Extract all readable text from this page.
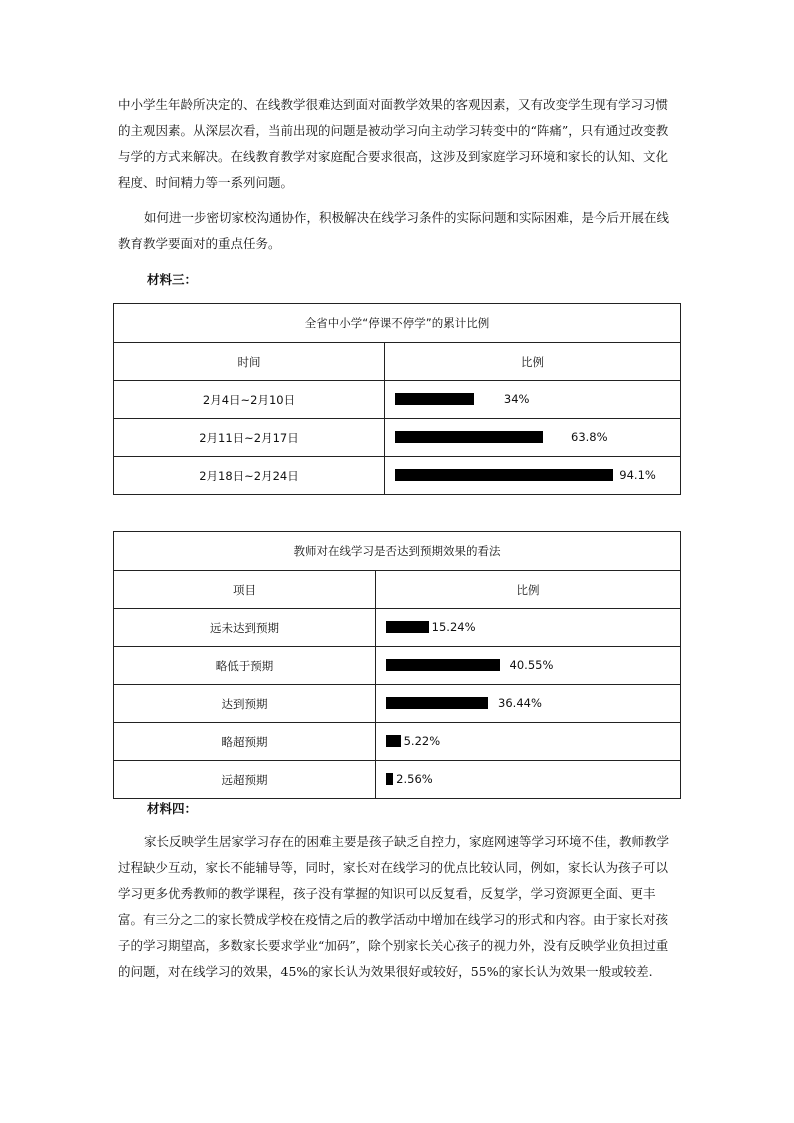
中小学生年龄所决定的、在线教学很难达到面对面教学效果的客观因素，又有改变学生现有学习习惯的主观因素。从深层次看，当前出现的问题是被动学习向主动学习转变中的“阵痛”，只有通过改变教与学的方式来解决。在线教育教学对家庭配合要求很高，这涉及到家庭学习环境和家长的认知、文化程度、时间精力等一系列问题。

如何进一步密切家校沟通协作，积极解决在线学习条件的实际问题和实际困难，是今后开展在线教育教学要面对的重点任务。

材料三：

全省中小学“停课不停学”的累计比例	
时间	比例
2月4日~2月10日	34%

2月11日~2月17日	63.8%

2月18日~2月24日	94.1%
教师对在线学习是否达到预期效果的看法	
项目	比例
远未达到预期	15.24%

略低于预期	40.55%

达到预期	36.44%

略超预期	5.22%

远超预期	2.56%

材料四：

家长反映学生居家学习存在的困难主要是孩子缺乏自控力，家庭网速等学习环境不佳，教师教学过程缺少互动，家长不能辅导等，同时，家长对在线学习的优点比较认同，例如，家长认为孩子可以学习更多优秀教师的教学课程，孩子没有掌握的知识可以反复看，反复学，学习资源更全面、更丰富。有三分之二的家长赞成学校在疫情之后的教学活动中增加在线学习的形式和内容。由于家长对孩子的学习期望高，多数家长要求学业“加码”，除个别家长关心孩子的视力外，没有反映学业负担过重的问题，对在线学习的效果，45%的家长认为效果很好或较好，55%的家长认为效果一般或较差.
